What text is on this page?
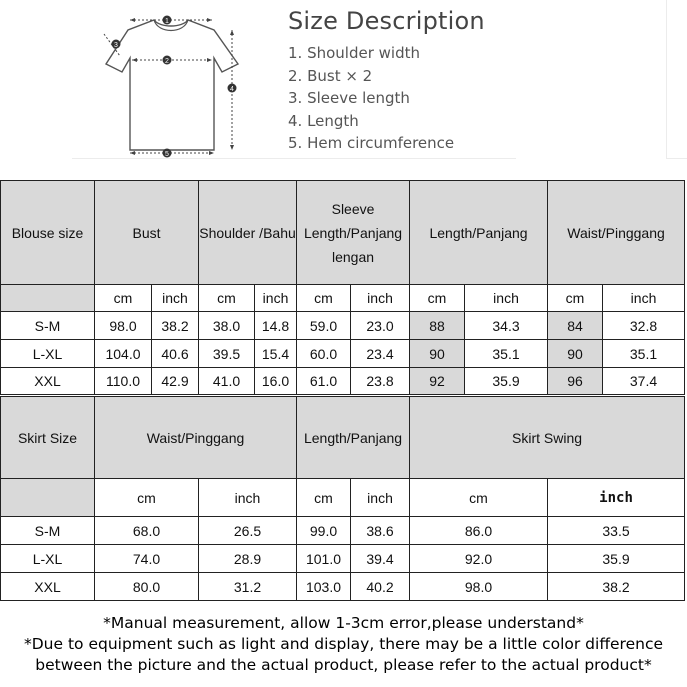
1
2
3
4
5
Size Description
1. Shoulder width
2. Bust × 2
3. Sleeve length
4. Length
5. Hem circumference
Blouse size	Bust		Shoulder /Bahu		Sleeve Length/Panjang lengan		Length/Panjang		Waist/Pinggang	
	cm	inch	cm	inch	cm	inch	cm	inch	cm	inch
S-M	98.0	38.2	38.0	14.8	59.0	23.0	88	34.3	84	32.8
L-XL	104.0	40.6	39.5	15.4	60.0	23.4	90	35.1	90	35.1
XXL	110.0	42.9	41.0	16.0	61.0	23.8	92	35.9	96	37.4
Skirt Size	Waist/Pinggang		Length/Panjang		Skirt Swing	
	cm	inch	cm	inch	cm	inch
S-M	68.0	26.5	99.0	38.6	86.0	33.5
L-XL	74.0	28.9	101.0	39.4	92.0	35.9
XXL	80.0	31.2	103.0	40.2	98.0	38.2
*Manual measurement, allow 1-3cm error,please understand*
*Due to equipment such as light and display, there may be a little color difference
between the picture and the actual product, please refer to the actual product*
